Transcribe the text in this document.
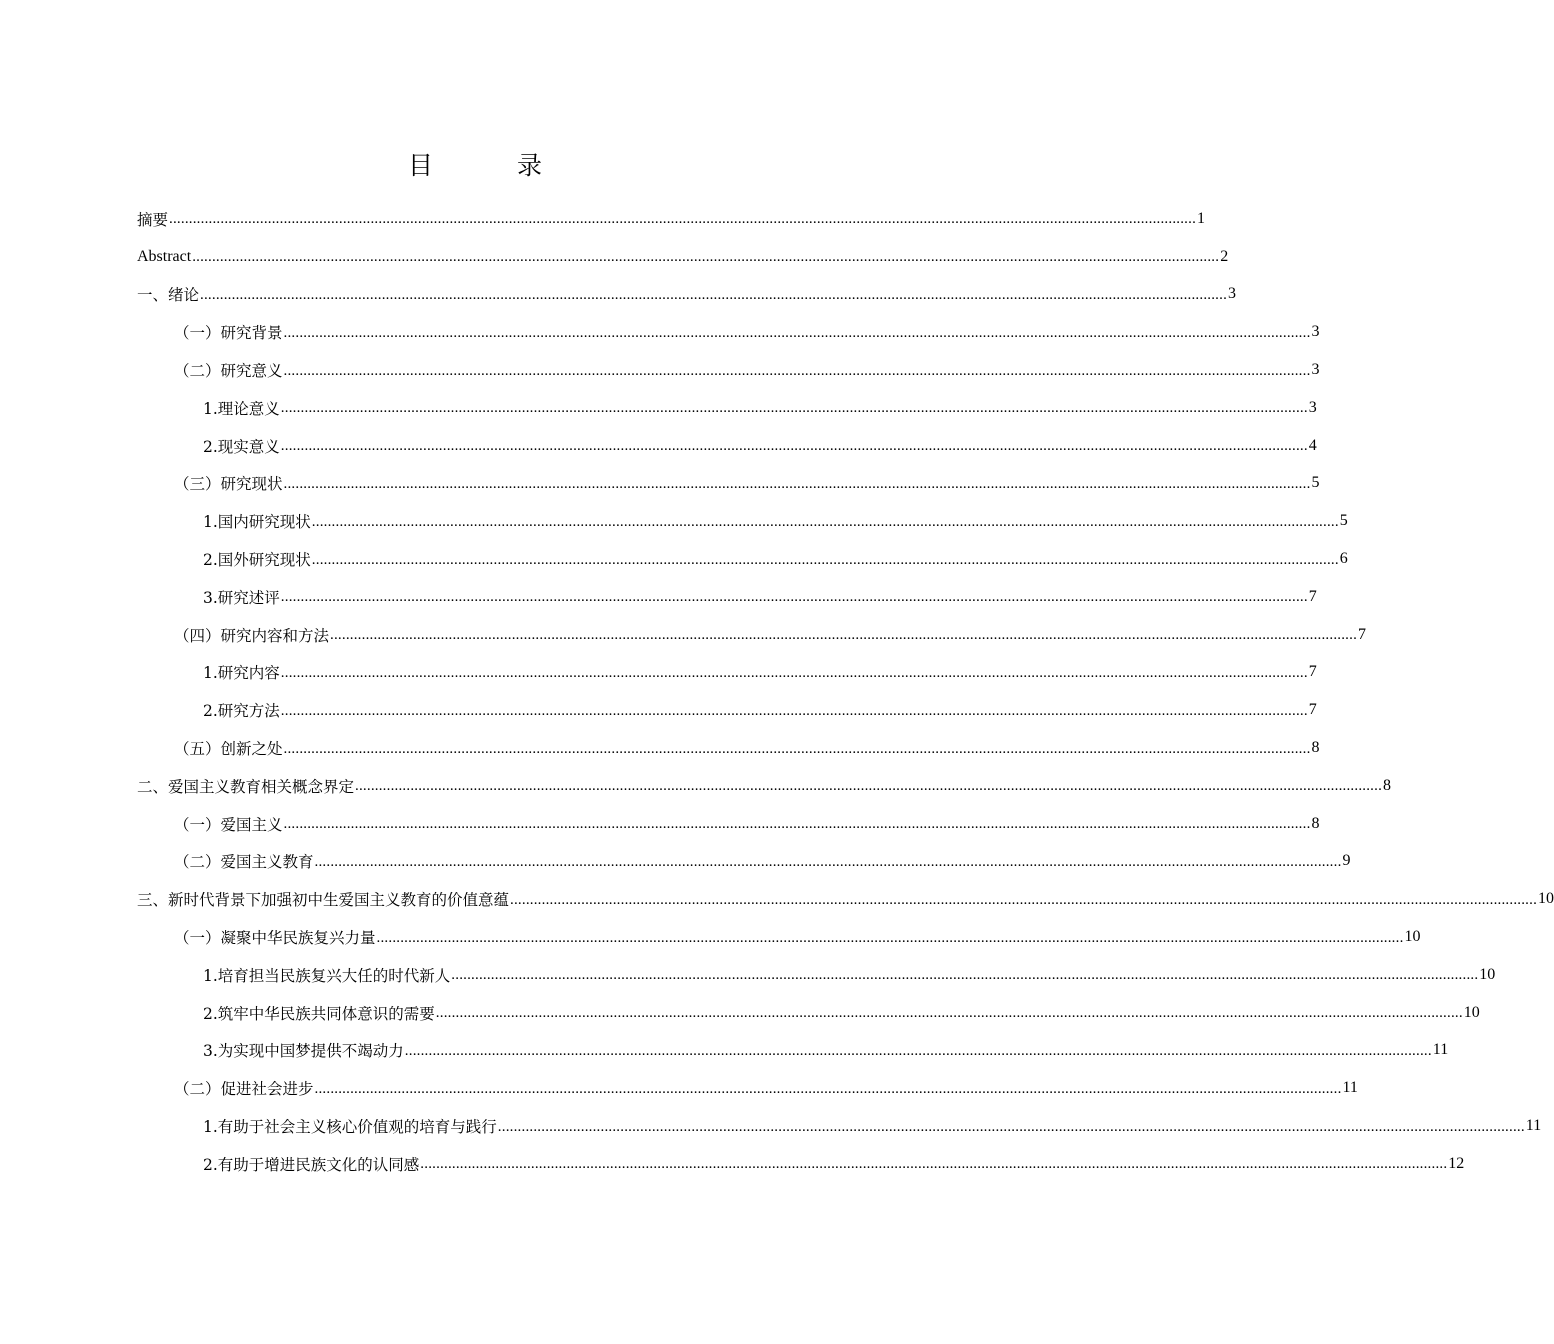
目 录
摘要 .................................................................................................................................................................................................................................................................... 1
Abstract .................................................................................................................................................................................................................................................................... 2
一、绪论 .................................................................................................................................................................................................................................................................... 3
（一）研究背景 .................................................................................................................................................................................................................................................................... 3
（二）研究意义 .................................................................................................................................................................................................................................................................... 3
1.理论意义 .................................................................................................................................................................................................................................................................... 3
2.现实意义 .................................................................................................................................................................................................................................................................... 4
（三）研究现状 .................................................................................................................................................................................................................................................................... 5
1.国内研究现状 .................................................................................................................................................................................................................................................................... 5
2.国外研究现状 .................................................................................................................................................................................................................................................................... 6
3.研究述评 .................................................................................................................................................................................................................................................................... 7
（四）研究内容和方法 .................................................................................................................................................................................................................................................................... 7
1.研究内容 .................................................................................................................................................................................................................................................................... 7
2.研究方法 .................................................................................................................................................................................................................................................................... 7
（五）创新之处 .................................................................................................................................................................................................................................................................... 8
二、爱国主义教育相关概念界定 .................................................................................................................................................................................................................................................................... 8
（一）爱国主义 .................................................................................................................................................................................................................................................................... 8
（二）爱国主义教育 .................................................................................................................................................................................................................................................................... 9
三、新时代背景下加强初中生爱国主义教育的价值意蕴 .................................................................................................................................................................................................................................................................... 10
（一）凝聚中华民族复兴力量 .................................................................................................................................................................................................................................................................... 10
1.培育担当民族复兴大任的时代新人 .................................................................................................................................................................................................................................................................... 10
2.筑牢中华民族共同体意识的需要 .................................................................................................................................................................................................................................................................... 10
3.为实现中国梦提供不竭动力 .................................................................................................................................................................................................................................................................... 11
（二）促进社会进步 .................................................................................................................................................................................................................................................................... 11
1.有助于社会主义核心价值观的培育与践行 .................................................................................................................................................................................................................................................................... 11
2.有助于增进民族文化的认同感 .................................................................................................................................................................................................................................................................... 12
